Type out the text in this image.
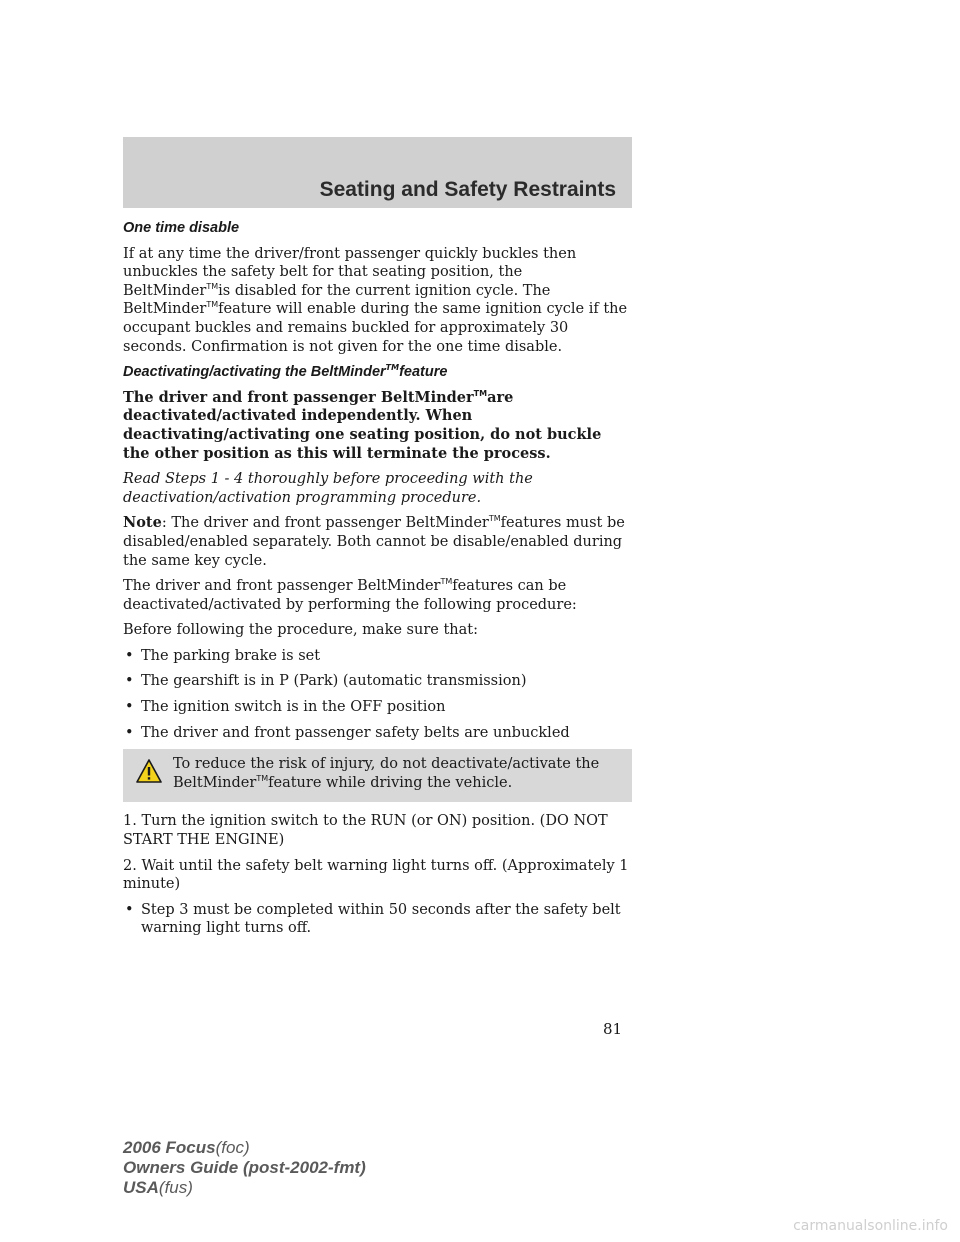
Seating and Safety Restraints
One time disable

If at any time the driver/front passenger quickly buckles then unbuckles the safety belt for that seating position, the BeltMinder™is disabled for the current ignition cycle. The BeltMinder™feature will enable during the same ignition cycle if the occupant buckles and remains buckled for approximately 30 seconds. Confirmation is not given for the one time disable.

Deactivating/activating the BeltMinder™feature

The driver and front passenger BeltMinder™are deactivated/activated independently. When deactivating/activating one seating position, do not buckle the other position as this will terminate the process.

Read Steps 1 - 4 thoroughly before proceeding with the deactivation/activation programming procedure.

Note: The driver and front passenger BeltMinder™features must be disabled/enabled separately. Both cannot be disable/enabled during the same key cycle.

The driver and front passenger BeltMinder™features can be deactivated/activated by performing the following procedure:

Before following the procedure, make sure that:

• The parking brake is set
• The gearshift is in P (Park) (automatic transmission)
• The ignition switch is in the OFF position
• The driver and front passenger safety belts are unbuckled
To reduce the risk of injury, do not deactivate/activate the BeltMinder™feature while driving the vehicle.

1. Turn the ignition switch to the RUN (or ON) position. (DO NOT START THE ENGINE)

2. Wait until the safety belt warning light turns off. (Approximately 1 minute)

• Step 3 must be completed within 50 seconds after the safety belt warning light turns off.
81
2006 Focus(foc)
Owners Guide (post-2002-fmt)
USA(fus)
carmanualsonline.info
